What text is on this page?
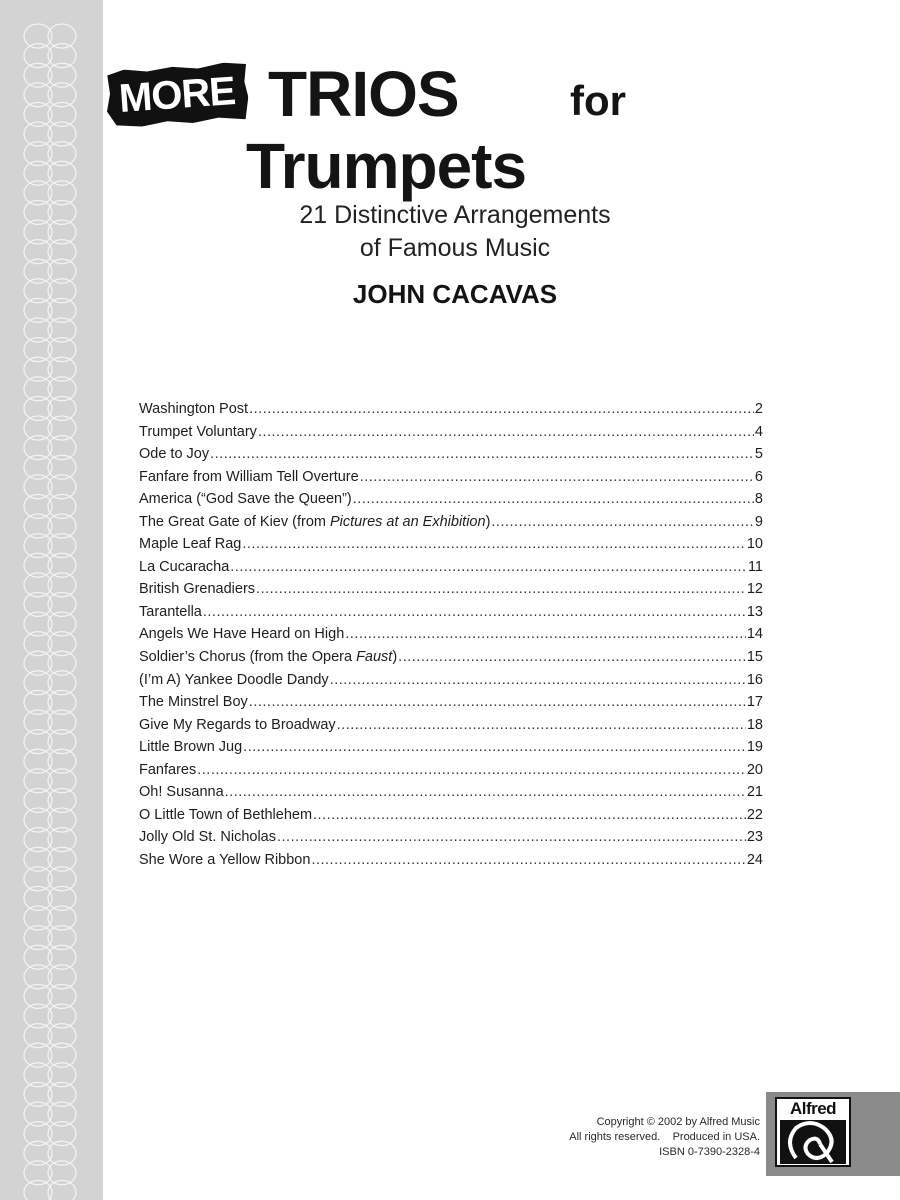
MORE TRIOS	for
Trumpets
21 Distinctive Arrangements
of Famous Music
JOHN CACAVAS
Washington Post .....	2
Trumpet Voluntary .....	4
Ode to Joy .....	5
Fanfare from William Tell Overture .....	6
America (“God Save the Queen”) .....	8
The Great Gate of Kiev (from Pictures at an Exhibition) .....	9
Maple Leaf Rag .....	10
La Cucaracha .....	11
British Grenadiers .....	12
Tarantella .....	13
Angels We Have Heard on High .....	14
Soldier’s Chorus (from the Opera Faust) .....	15
(I’m A) Yankee Doodle Dandy .....	16
The Minstrel Boy .....	17
Give My Regards to Broadway .....	18
Little Brown Jug .....	19
Fanfares .....	20
Oh! Susanna .....	21
O Little Town of Bethlehem .....	22
Jolly Old St. Nicholas .....	23
She Wore a Yellow Ribbon .....	24
Copyright © 2002 by Alfred Music
All rights reserved.    Produced in USA.
ISBN 0-7390-2328-4
Alfred
